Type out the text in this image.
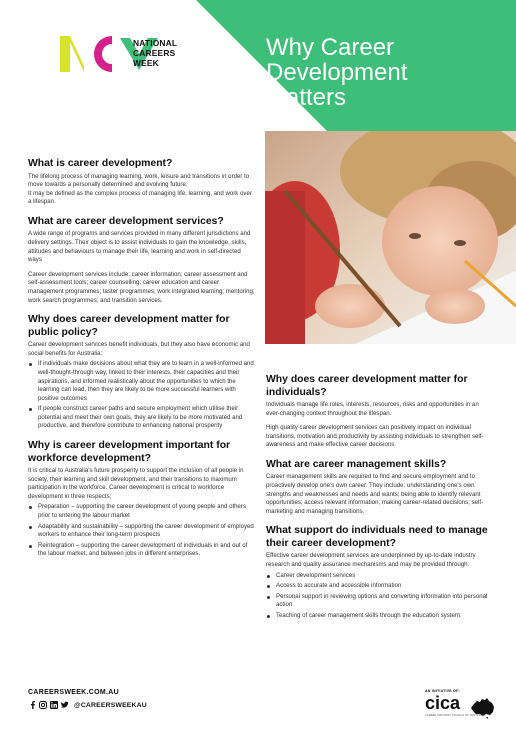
NATIONAL
CAREERS
WEEK
Why Career
Development
Matters
What is career development?

The lifelong process of managing learning, work, leisure and transitions in order to move towards a personally determined and evolving future.

It may be defined as the complex process of managing life, learning, and work over a lifespan.

What are career development services?

A wide range of programs and services provided in many different jurisdictions and delivery settings. Their object is to assist individuals to gain the knowledge, skills, attitudes and behaviours to manage their life, learning and work in self-directed ways

Career development services include: career information; career assessment and self-assessment tools; career counselling; career education and career management programmes; taster programmes; work integrated learning; mentoring; work search programmes; and transition services.

Why does career development matter for public policy?

Career development services benefit individuals, but they also have economic and social benefits for Australia:

If individuals make decisions about what they are to learn in a well-informed and well-thought-through way, linked to their interests, their capacities and their aspirations, and informed realistically about the opportunities to which the learning can lead, then they are likely to be more successful learners with positive outcomes
If people construct career paths and secure employment which utilise their potential and meet their own goals, they are likely to be more motivated and productive, and therefore contribute to enhancing national prosperity
Why is career development important for workforce development?

It is critical to Australia's future prosperity to support the inclusion of all people in society, their learning and skill development, and their transitions to maximum participation in the workforce. Career development is critical to workforce development in three respects;

Preparation – supporting the career development of young people and others prior to entering the labour market
Adaptability and sustainability – supporting the career development of employed workers to enhance their long-term prospects
Reintegration – supporting the career development of individuals in and out of the labour market, and between jobs in different enterprises.
Why does career development matter for individuals?

Individuals manage life roles, interests, resources, risks and opportunities in an ever-changing context throughout the lifespan.

High quality career development services can positively impact on individual transitions, motivation and productivity by assisting individuals to strengthen self-awareness and make effective career decisions.

What are career management skills?

Career management skills are required to find and secure employment and to proactively develop one's own career. They include: understanding one's own strengths and weaknesses and needs and wants; being able to identify relevant opportunities; access relevant information; making career-related decisions; self-marketing and managing transitions.

What support do individuals need to manage their career development?

Effective career development services are underpinned by up-to-date industry research and quality assurance mechanisms and may be provided through:

Career development services
Access to accurate and accessible information
Personal support in reviewing options and converting information into personal action
Teaching of career management skills through the education system.
CAREERSWEEK.COM.AU
@CAREERSWEEKAU
AN INITIATIVE OF:
cica
CAREER INDUSTRY COUNCIL OF AUSTRALIA
